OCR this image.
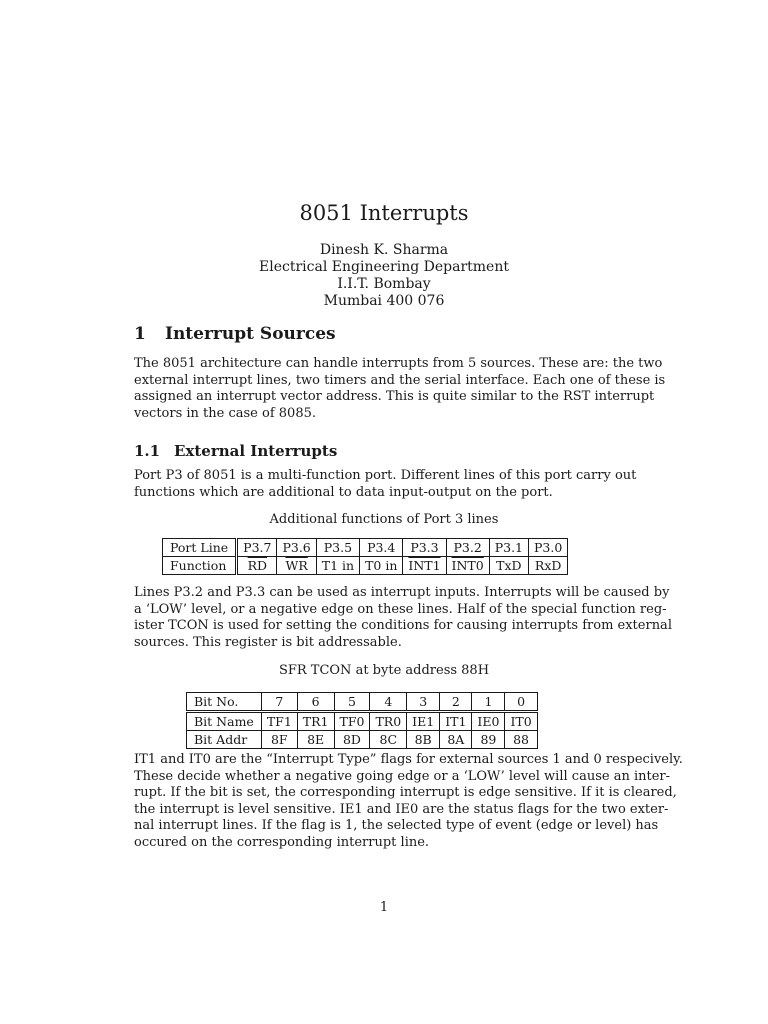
8051 Interrupts
Dinesh K. Sharma
Electrical Engineering Department
I.I.T. Bombay
Mumbai 400 076
1 Interrupt Sources
The 8051 architecture can handle interrupts from 5 sources. These are: the two
external interrupt lines, two timers and the serial interface. Each one of these is
assigned an interrupt vector address. This is quite similar to the RST interrupt
vectors in the case of 8085.
1.1 External Interrupts
Port P3 of 8051 is a multi-function port. Different lines of this port carry out
functions which are additional to data input-output on the port.
Additional functions of Port 3 lines
Port Line	P3.7	P3.6	P3.5	P3.4	P3.3	P3.2	P3.1	P3.0
Function	$\overline{RD}$	$\overline{WR}$	T1 in	T0 in	INT1	INT0	TxD	RxD
Lines P3.2 and P3.3 can be used as interrupt inputs. Interrupts will be caused by
a ‘LOW’ level, or a negative edge on these lines. Half of the special function reg-
ister TCON is used for setting the conditions for causing interrupts from external
sources. This register is bit addressable.
SFR TCON at byte address 88H
Bit No.	7	6	5	4	3	2	1	0
Bit Name	TF1	TR1	TF0	TR0	IE1	IT1	IE0	IT0
Bit Addr	8F	8E	8D	8C	8B	8A	89	88
IT1 and IT0 are the “Interrupt Type” flags for external sources 1 and 0 respecively.
These decide whether a negative going edge or a ‘LOW’ level will cause an inter-
rupt. If the bit is set, the corresponding interrupt is edge sensitive. If it is cleared,
the interrupt is level sensitive. IE1 and IE0 are the status flags for the two exter-
nal interrupt lines. If the flag is 1, the selected type of event (edge or level) has
occured on the corresponding interrupt line.
1
